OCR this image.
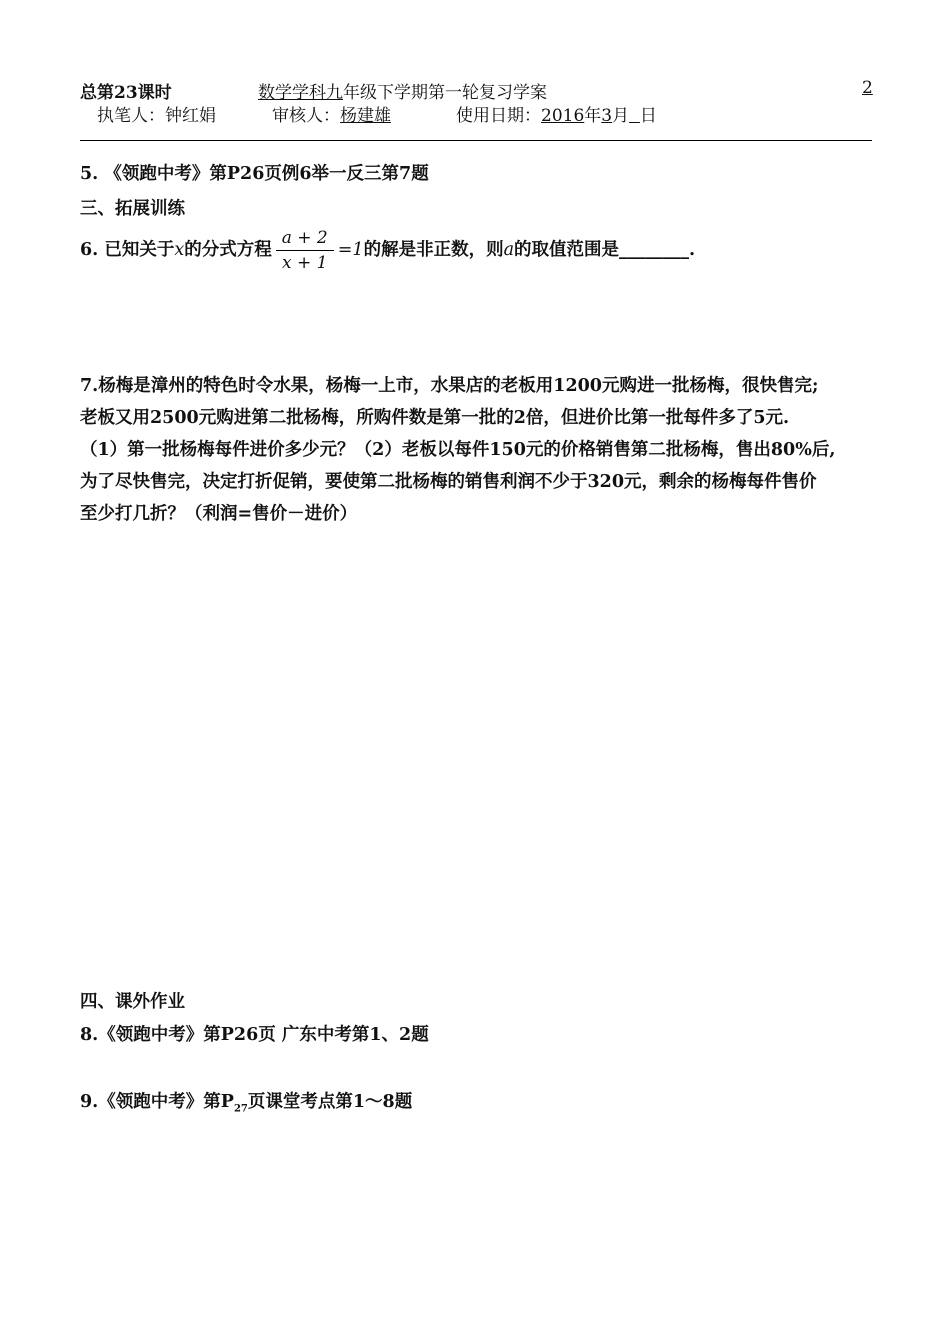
总第23课时	数学学科九年级下学期第一轮复习学案	2
执笔人：钟红娟	审核人：杨建雄	使用日期：2016年3月 日
5. 《领跑中考》第P26页例6举一反三第7题
三、拓展训练
6. 已知关于x的分式方程 $\frac{a + 2}{x + 1} =1$的解是非正数，则a的取值范围是________.
7.杨梅是漳州的特色时令水果，杨梅一上市，水果店的老板用1200元购进一批杨梅，很快售完;
老板又用2500元购进第二批杨梅，所购件数是第一批的2倍，但进价比第一批每件多了5元.
（1）第一批杨梅每件进价多少元？（2）老板以每件150元的价格销售第二批杨梅，售出80%后,
为了尽快售完，决定打折促销，要使第二批杨梅的销售利润不少于320元，剩余的杨梅每件售价
至少打几折？（利润=售价－进价）
四、课外作业
8.《领跑中考》第P26页 广东中考第1、2题
9.《领跑中考》第$P_{27}$页课堂考点第1～8题
